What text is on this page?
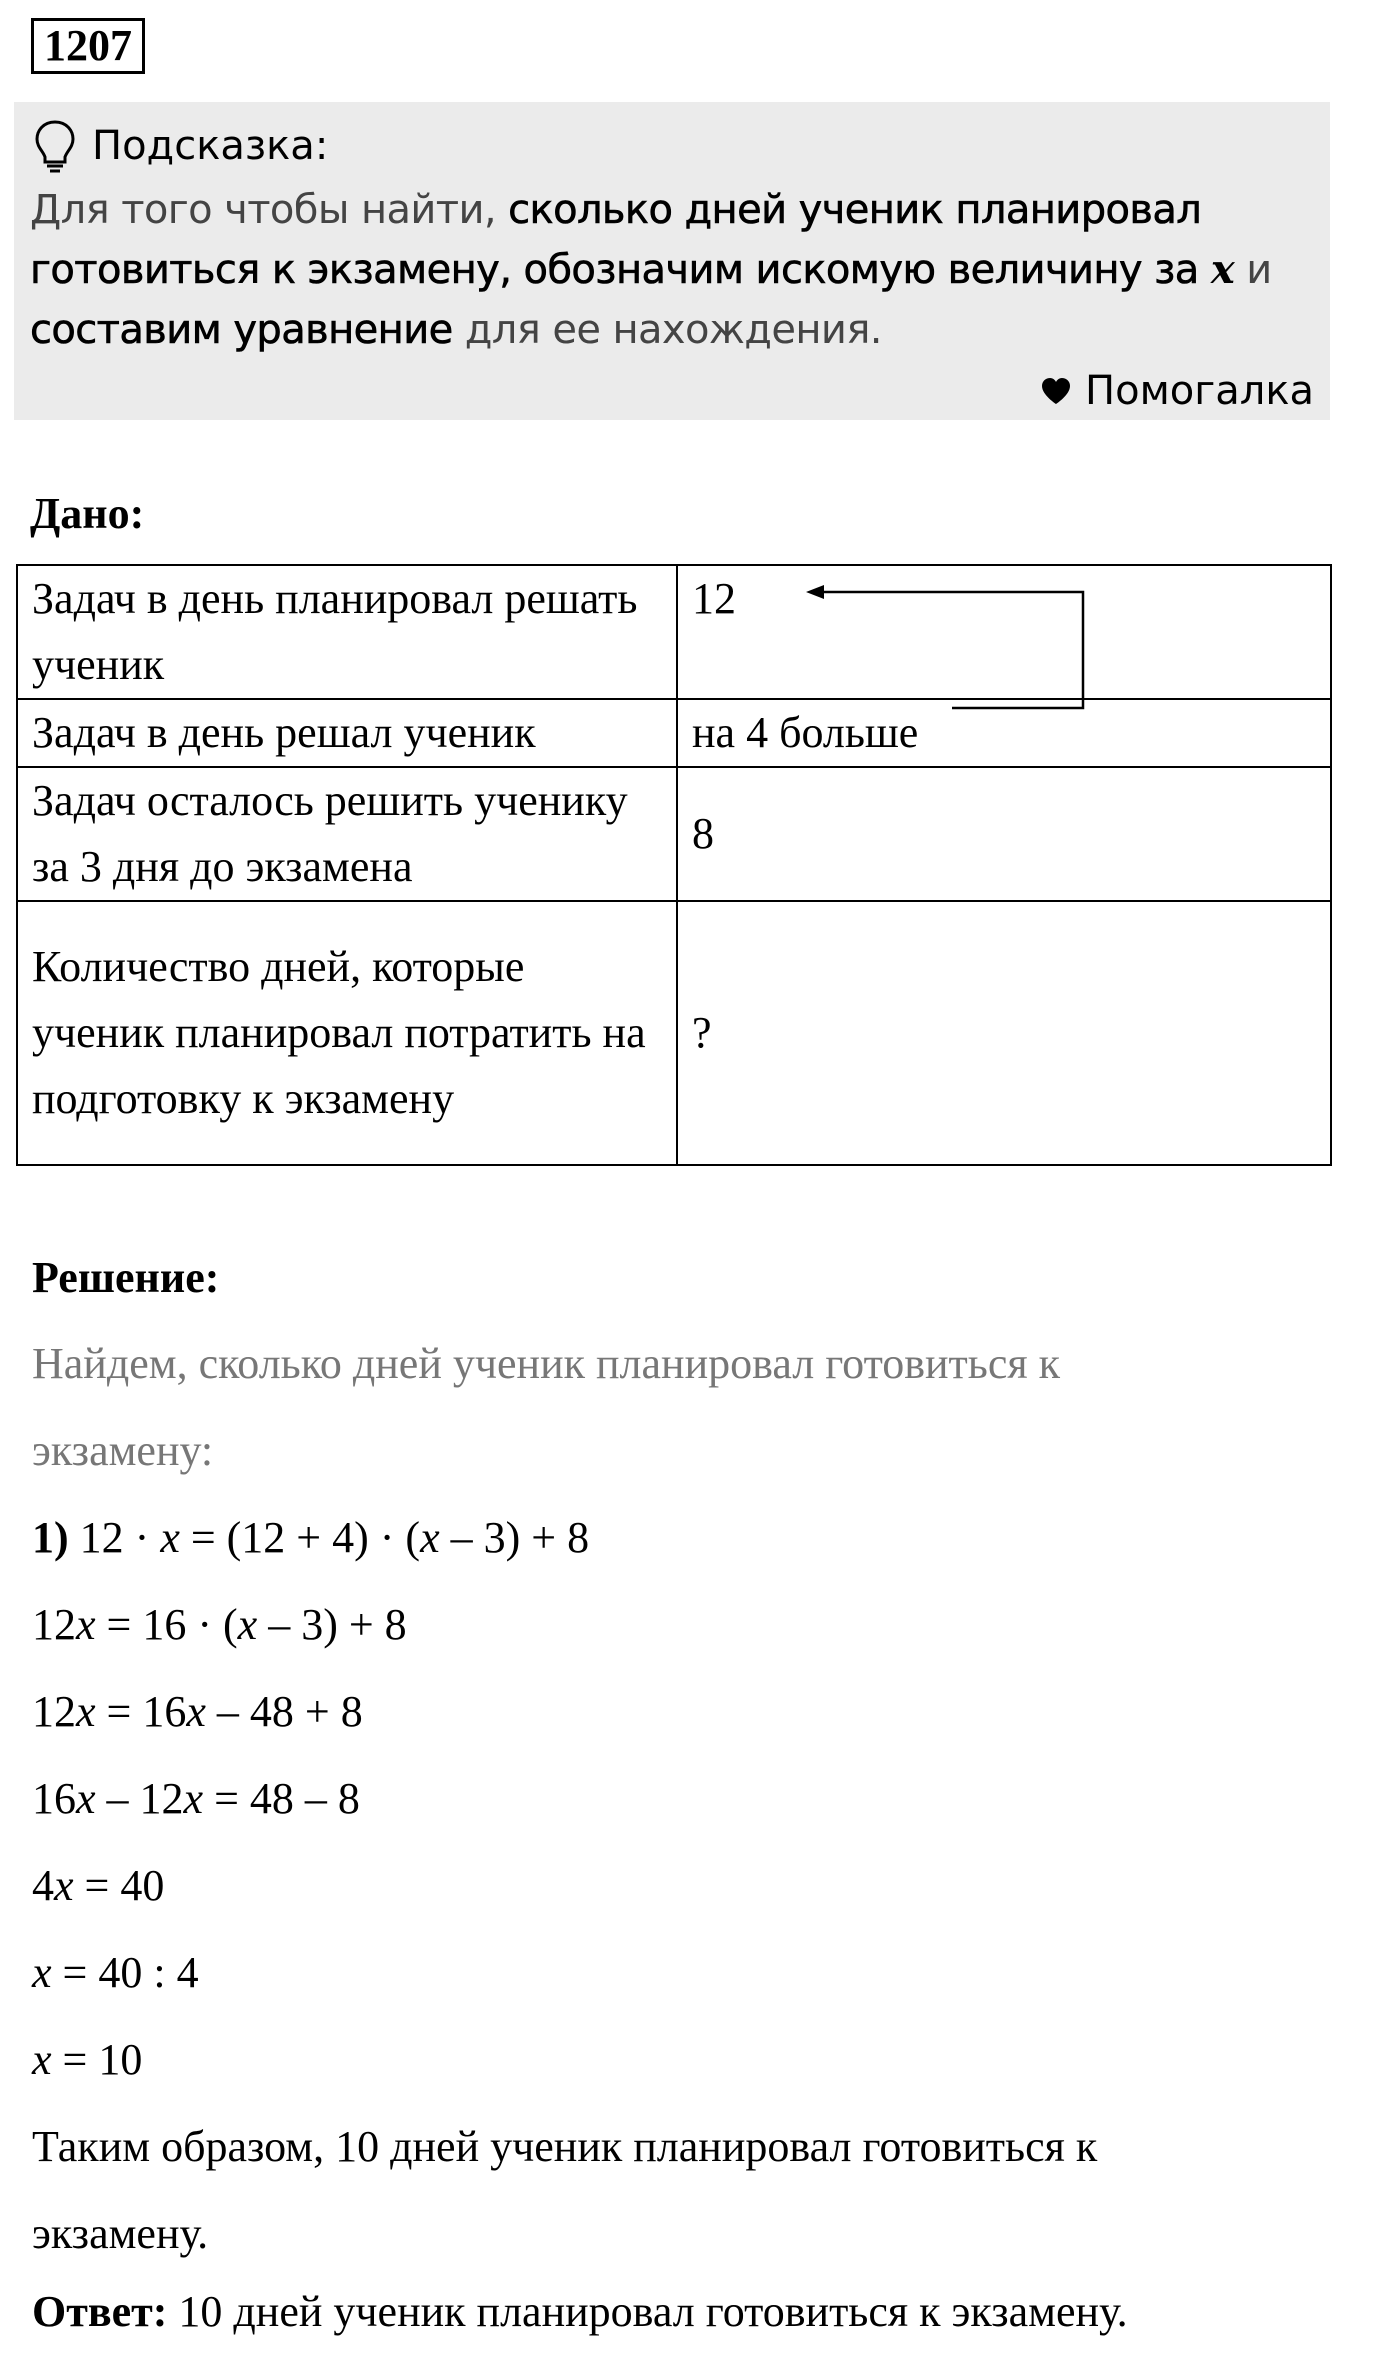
1207
Подсказка:
Для того чтобы найти, сколько дней ученик планировал
готовиться к экзамену, обозначим искомую величину за x и
составим уравнение для ее нахождения.
Помогалка
Дано:
Задач в день планировал решать ученик	12
Задач в день решал ученик	на 4 больше
Задач осталось решить ученику за 3 дня до экзамена	8
Количество дней, которые ученик планировал потратить на подготовку к экзамену	?
Решение:
Найдем, сколько дней ученик планировал готовиться к
экзамену:
1) 12 · x = (12 + 4) · (x – 3) + 8
12x = 16 · (x – 3) + 8
12x = 16x – 48 + 8
16x – 12x = 48 – 8
4x = 40
x = 40 : 4
x = 10
Таким образом, 10 дней ученик планировал готовиться к
экзамену.
Ответ: 10 дней ученик планировал готовиться к экзамену.
